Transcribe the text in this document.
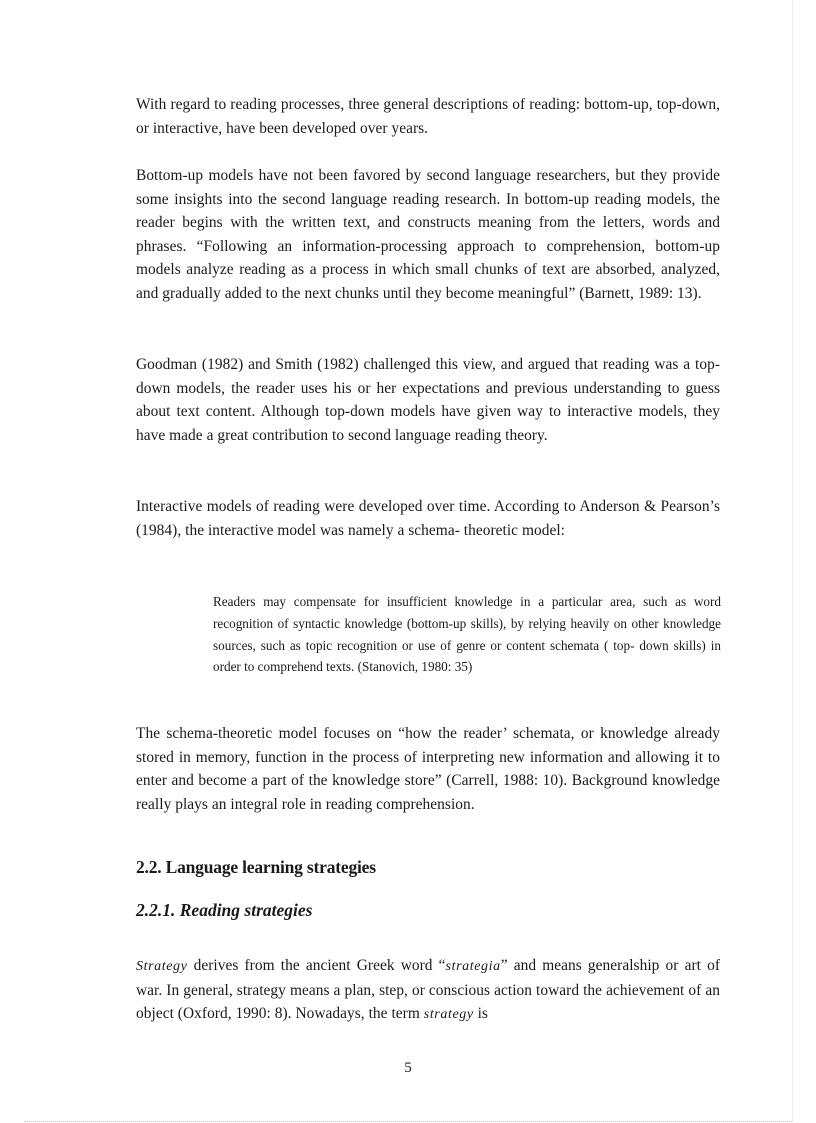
With regard to reading processes, three general descriptions of reading: bottom-up, top-down, or interactive, have been developed over years.

Bottom-up models have not been favored by second language researchers, but they provide some insights into the second language reading research. In bottom-up reading models, the reader begins with the written text, and constructs meaning from the letters, words and phrases. “Following an information-processing approach to comprehension, bottom-up models analyze reading as a process in which small chunks of text are absorbed, analyzed, and gradually added to the next chunks until they become meaningful” (Barnett, 1989: 13).

Goodman (1982) and Smith (1982) challenged this view, and argued that reading was a top-down models, the reader uses his or her expectations and previous understanding to guess about text content. Although top-down models have given way to interactive models, they have made a great contribution to second language reading theory.

Interactive models of reading were developed over time. According to Anderson & Pearson’s (1984), the interactive model was namely a schema- theoretic model:

Readers may compensate for insufficient knowledge in a particular area, such as word recognition of syntactic knowledge (bottom-up skills), by relying heavily on other knowledge sources, such as topic recognition or use of genre or content schemata ( top- down skills) in order to comprehend texts. (Stanovich, 1980: 35)

The schema-theoretic model focuses on “how the reader’ schemata, or knowledge already stored in memory, function in the process of interpreting new information and allowing it to enter and become a part of the knowledge store” (Carrell, 1988: 10). Background knowledge really plays an integral role in reading comprehension.

2.2. Language learning strategies
2.2.1. Reading strategies

Strategy derives from the ancient Greek word “strategia” and means generalship or art of war. In general, strategy means a plan, step, or conscious action toward the achievement of an object (Oxford, 1990: 8). Nowadays, the term strategy is

5
